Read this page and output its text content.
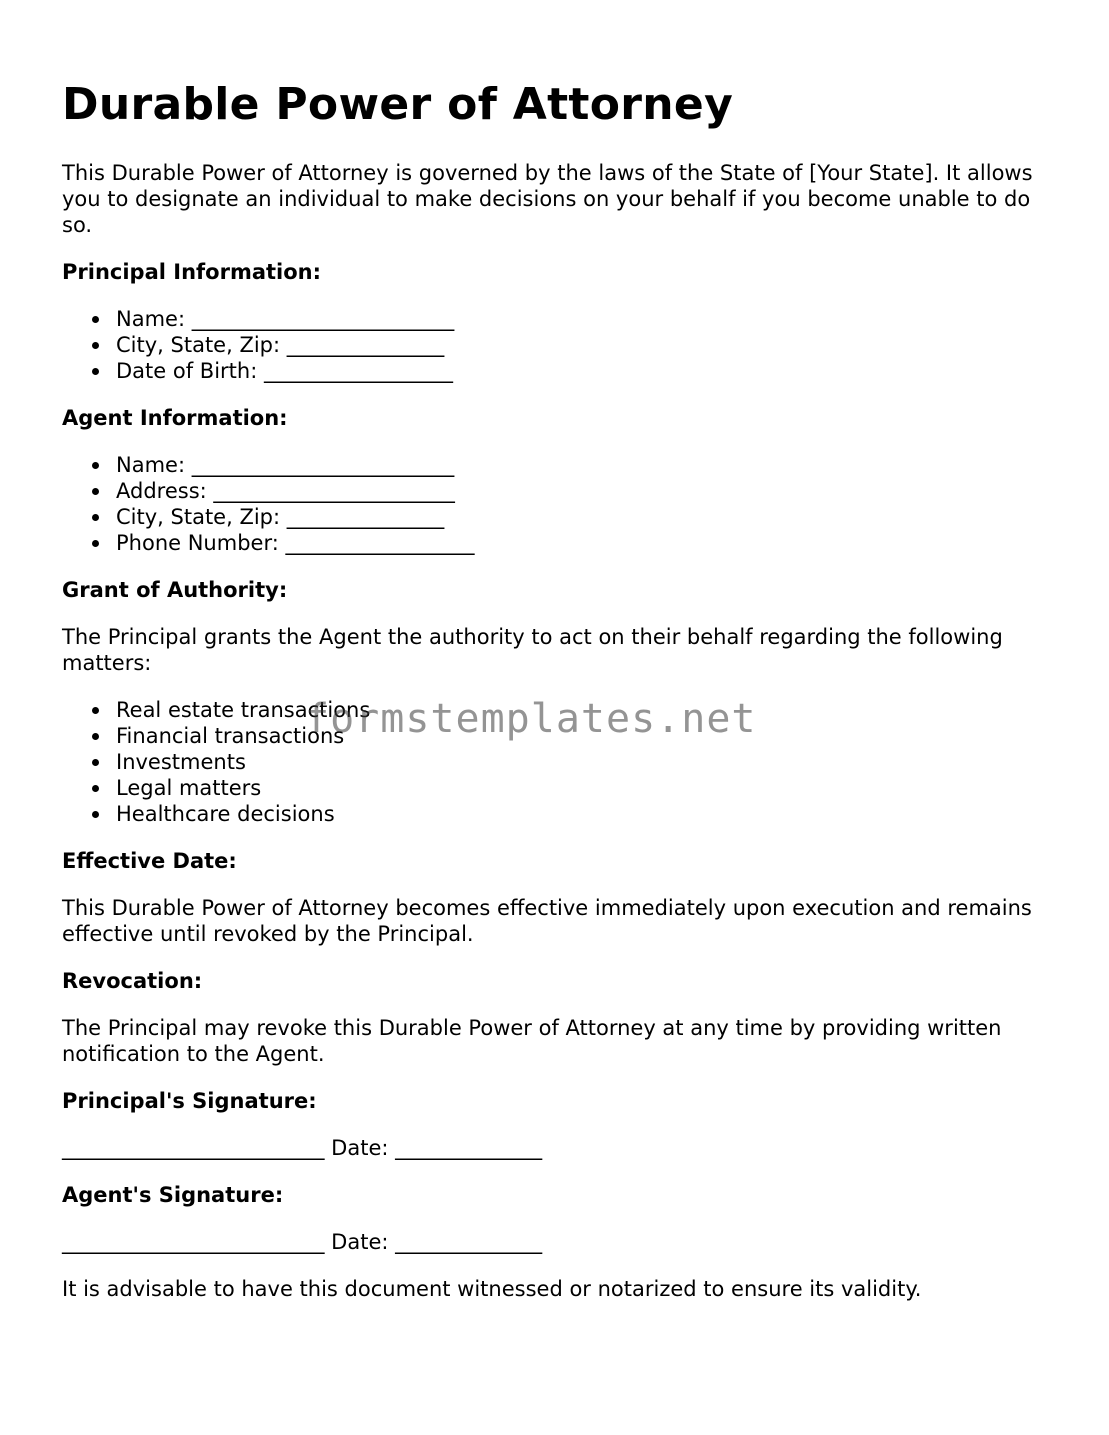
Durable Power of Attorney

This Durable Power of Attorney is governed by the laws of the State of [Your State]. It allows you to designate an individual to make decisions on your behalf if you become unable to do so.

Principal Information:
Name: _________________________
City, State, Zip: _______________
Date of Birth: __________________
Agent Information:
Name: _________________________
Address: _______________________
City, State, Zip: _______________
Phone Number: __________________
Grant of Authority:

The Principal grants the Agent the authority to act on their behalf regarding the following matters:

Real estate transactions
Financial transactions
Investments
Legal matters
Healthcare decisions
Effective Date:

This Durable Power of Attorney becomes effective immediately upon execution and remains effective until revoked by the Principal.

Revocation:

The Principal may revoke this Durable Power of Attorney at any time by providing written notification to the Agent.

Principal's Signature:
_________________________ Date: ______________
Agent's Signature:
_________________________ Date: ______________

It is advisable to have this document witnessed or notarized to ensure its validity.

formstemplates.net
